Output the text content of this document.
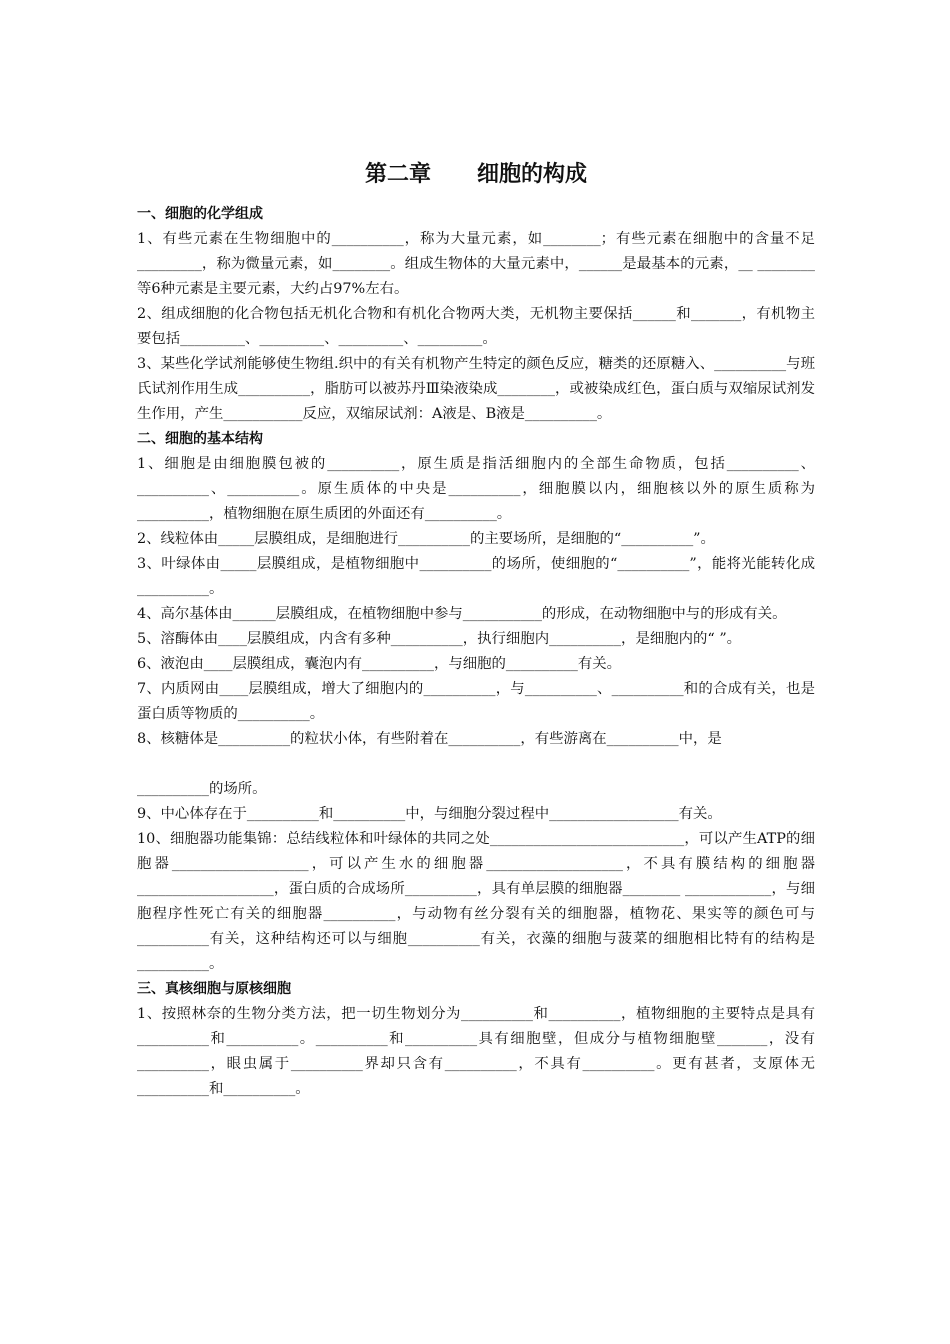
第二章      细胞的构成
一、细胞的化学组成

1、有些元素在生物细胞中的__________，称为大量元素，如________；有些元素在细胞中的含量不足_________，称为微量元素，如________。组成生物体的大量元素中，______是最基本的元素，__ ________等6种元素是主要元素，大约占97%左右。

2、组成细胞的化合物包括无机化合物和有机化合物两大类，无机物主要保括______和_______，有机物主要包括_________、_________、_________、_________。

3、某些化学试剂能够使生物组.织中的有关有机物产生特定的颜色反应，糖类的还原糖入、__________与班氏试剂作用生成__________，脂肪可以被苏丹Ⅲ染液染成________，或被染成红色，蛋白质与双缩尿试剂发生作用，产生___________反应，双缩尿试剂：A液是、B液是__________。

二、细胞的基本结构

1、细胞是由细胞膜包被的__________，原生质是指活细胞内的全部生命物质，包括__________、__________、__________。原生质体的中央是__________，细胞膜以内，细胞核以外的原生质称为__________，植物细胞在原生质团的外面还有__________。

2、线粒体由_____层膜组成，是细胞进行__________的主要场所，是细胞的“__________”。

3、叶绿体由_____层膜组成，是植物细胞中__________的场所，使细胞的“__________”，能将光能转化成__________。

4、高尔基体由______层膜组成，在植物细胞中参与___________的形成，在动物细胞中与的形成有关。

5、溶酶体由____层膜组成，内含有多种__________，执行细胞内__________，是细胞内的“ ”。

6、液泡由____层膜组成，囊泡内有__________，与细胞的__________有关。

7、内质网由____层膜组成，增大了细胞内的__________，与__________、__________和的合成有关，也是蛋白质等物质的__________。

8、核糖体是__________的粒状小体，有些附着在__________，有些游离在__________中，是

__________的场所。

9、中心体存在于__________和__________中，与细胞分裂过程中__________________有关。

10、细胞器功能集锦：总结线粒体和叶绿体的共同之处___________________________，可以产生ATP的细胞器___________________，可以产生水的细胞器___________________，不具有膜结构的细胞器___________________，蛋白质的合成场所__________，具有单层膜的细胞器________ ____________，与细胞程序性死亡有关的细胞器__________，与动物有丝分裂有关的细胞器，植物花、果实等的颜色可与__________有关，这种结构还可以与细胞__________有关，衣藻的细胞与菠菜的细胞相比特有的结构是__________。

三、真核细胞与原核细胞

1、按照林奈的生物分类方法，把一切生物划分为__________和__________，植物细胞的主要特点是具有__________和__________。__________和__________具有细胞壁，但成分与植物细胞壁_______，没有__________，眼虫属于__________界却只含有__________，不具有__________。更有甚者，支原体无__________和__________。
